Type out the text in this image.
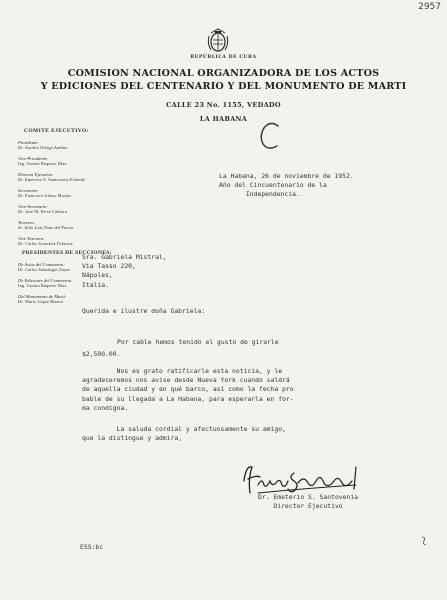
2957
REPÚBLICA DE CUBA
COMISION NACIONAL ORGANIZADORA DE LOS ACTOS
Y EDICIONES DEL CENTENARIO Y DEL MONUMENTO DE MARTI
CALLE 23 No. 1155, VEDADO
LA HABANA
COMITE EJECUTIVO:
Presidente:
Dr. Aurelio Ortega Andino
Vice-Presidente:
Ing. Gastón Baquero Díaz
Director Ejecutivo:
Dr. Emeterio S. Santovenia Echaide
Secretario:
Dr. Francisco Ichaso Macías
Vice-Secretario:
Dr. José M. Pérez Cabrera
Tesorero:
Sr. Julio Luis Pons del Puerto
Vice-Tesorero:
Dr. Carlos González Palacios
PRESIDENTES DE SECCIONES:
De Actos del Centenario:
Dr. Carlos Saladrigas Zayas
De Ediciones del Centenario:
Ing. Gastón Baquero Díaz
Del Monumento de Martí:
Dr. Mario López Blanco
La Habana, 26 de noviembre de 1952.
Año del Cincuentenario de la
Independencia.
Sra. Gabriela Mistral,
Via Tasso 220,
Nápoles,
Italia.
Querida e ilustre doña Gabriela:
Por cable hemos tenido el gusto de girarle
$2,500.00.
Nos es grato ratificarle esta noticia, y le
agradeceremos nos avise desde Nueva York cuando saldrá
de aquella ciudad y en qué barco, así como la fecha pro
bable de su llegada a La Habana, para esperarla en for-
ma condigna.
La saluda cordial y afectuosamente su amigo,
que la distingue y admira,
Dr. Emeterio S. Santovenia
Director Ejecutivo
ESS:bc
